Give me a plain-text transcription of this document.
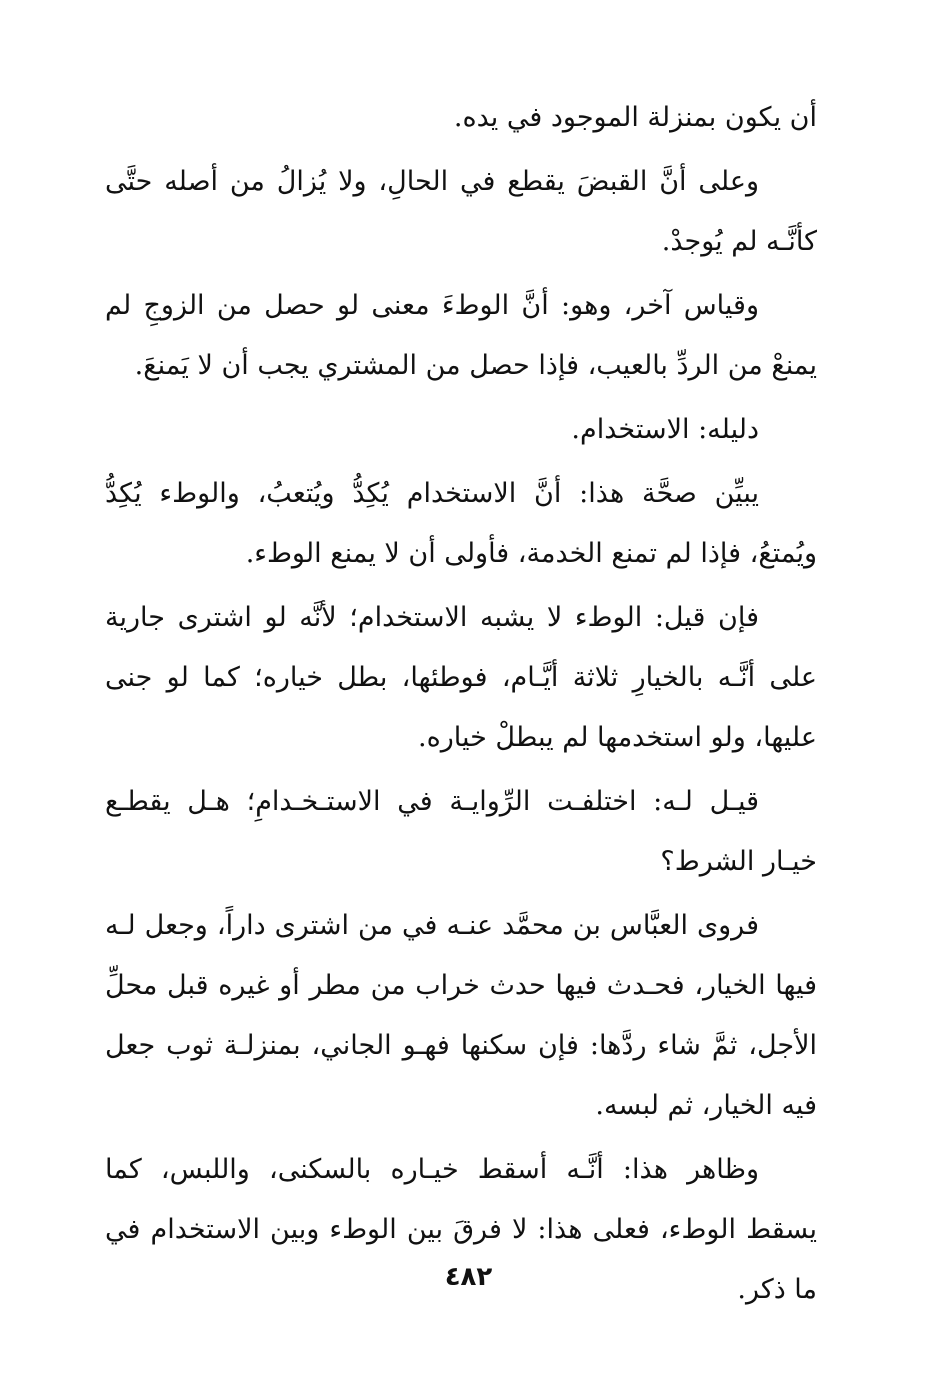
أن يكون بمنزلة الموجود في يده.

وعلى أنَّ القبضَ يقطع في الحالِ، ولا يُزالُ من أصله حتَّى كأنَّـه لم يُوجدْ.

وقياس آخر، وهو: أنَّ الوطءَ معنى لو حصل من الزوجِ لم يمنعْ من الردِّ بالعيب، فإذا حصل من المشتري يجب أن لا يَمنعَ.

دليله: الاستخدام.

يبيِّن صحَّة هذا: أنَّ الاستخدام يُكِدُّ ويُتعبُ، والوطء يُكِدُّ ويُمتعُ، فإذا لم تمنع الخدمة، فأولى أن لا يمنع الوطء.

فإن قيل: الوطء لا يشبه الاستخدام؛ لأنَّه لو اشترى جارية على أنَّـه بالخيارِ ثلاثة أيَّـام، فوطئها، بطل خياره؛ كما لو جنى عليها، ولو استخدمها لم يبطلْ خياره.

قيـل لـه: اختلفـت الرِّوايـة في الاستـخـدامِ؛ هـل يقطـع خيـار الشرط؟

فروى العبَّاس بن محمَّد عنـه في من اشترى داراً، وجعل لـه فيها الخيار، فحـدث فيها حدث خراب من مطر أو غيره قبل محلِّ الأجل، ثمَّ شاء ردَّها: فإن سكنها فهـو الجاني، بمنزلـة ثوب جعل فيه الخيار، ثم لبسه.

وظاهر هذا: أنَّـه أسقط خيـاره بالسكنى، واللبس، كما يسقط الوطء، فعلى هذا: لا فرقَ بين الوطء وبين الاستخدام في ما ذكر.

٤٨٢
